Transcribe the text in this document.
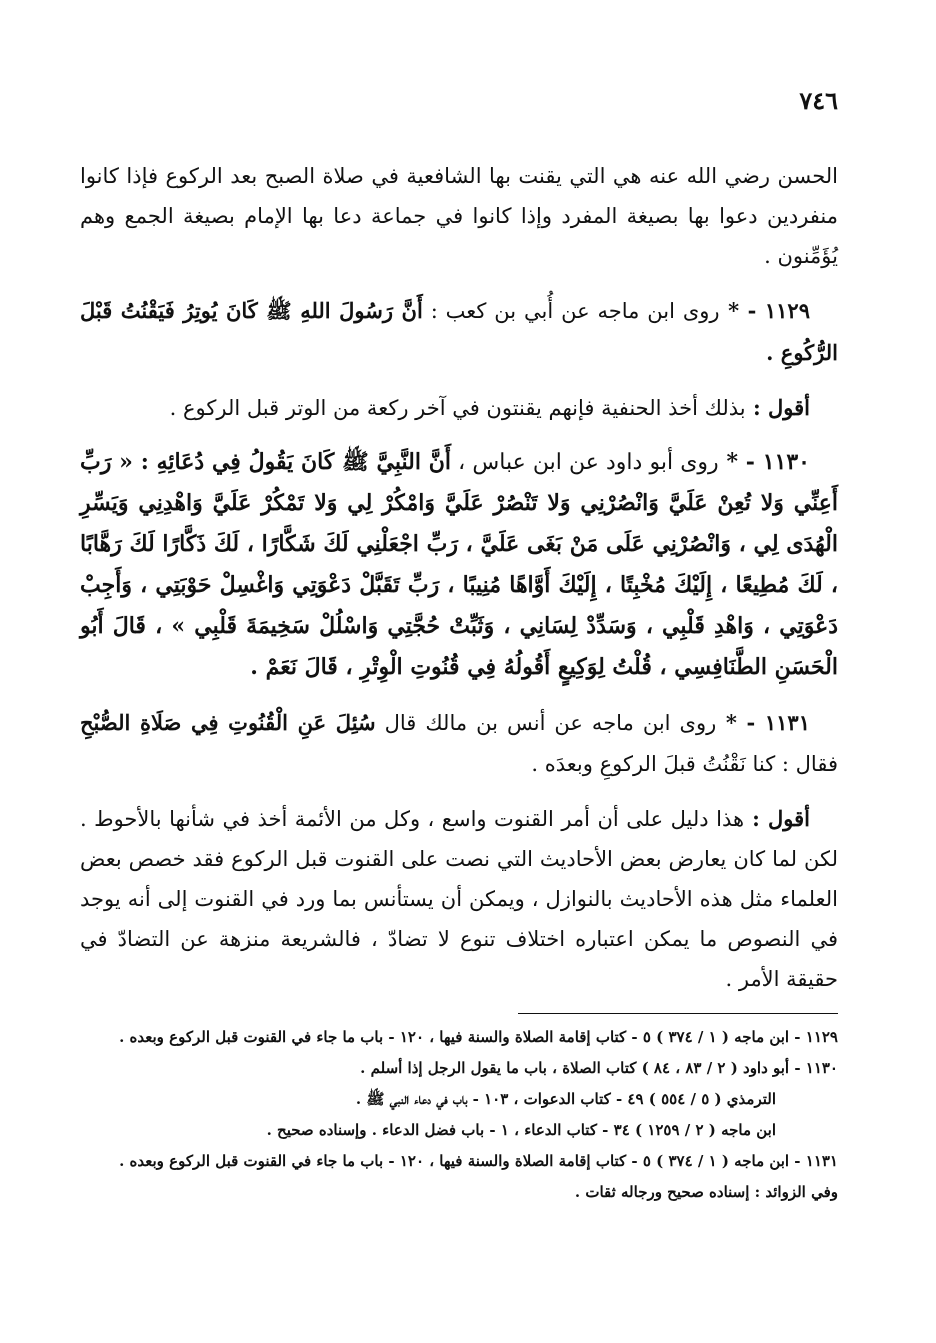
٧٤٦

الحسن رضي الله عنه هي التي يقنت بها الشافعية في صلاة الصبح بعد الركوع فإذا كانوا منفردين دعوا بها بصيغة المفرد وإذا كانوا في جماعة دعا بها الإمام بصيغة الجمع وهم يُؤَمِّنون .

١١٢٩ - * روى ابن ماجه عن أُبي بن كعب : أَنَّ رَسُولَ اللهِ ﷺ كَانَ يُوتِرُ فَيَقْنُتُ قَبْلَ الرُّكُوعِ .

أقول : بذلك أخذ الحنفية فإنهم يقنتون في آخر ركعة من الوتر قبل الركوع .

١١٣٠ - * روى أبو داود عن ابن عباس ، أَنَّ النَّبِيَّ ﷺ كَانَ يَقُولُ فِي دُعَائِهِ : « رَبِّ أَعِنِّي وَلا تُعِنْ عَلَيَّ وَانْصُرْنِي وَلا تَنْصُرْ عَلَيَّ وَامْكُرْ لِي وَلا تَمْكُرْ عَلَيَّ وَاهْدِنِي وَيَسِّرِ الْهُدَى لِي ، وَانْصُرْنِي عَلَى مَنْ بَغَى عَلَيَّ ، رَبِّ اجْعَلْنِي لَكَ شَكَّارًا ، لَكَ ذَكَّارًا لَكَ رَهَّابًا ، لَكَ مُطِيعًا ، إِلَيْكَ مُخْبِتًا ، إِلَيْكَ أَوَّاهًا مُنِيبًا ، رَبِّ تَقَبَّلْ دَعْوَتِي وَاغْسِلْ حَوْبَتِي ، وَأَجِبْ دَعْوَتِي ، وَاهْدِ قَلْبِي ، وَسَدِّدْ لِسَانِي ، وَثَبِّتْ حُجَّتِي وَاسْلُلْ سَخِيمَةَ قَلْبِي » ، قَالَ أَبُو الْحَسَنِ الطَّنَافِسِي ، قُلْتُ لِوَكِيعٍ أَقُولُهُ فِي قُنُوتِ الْوِتْرِ ، قَالَ نَعَمْ .

١١٣١ - * روى ابن ماجه عن أنس بن مالك قال سُئِلَ عَنِ الْقُنُوتِ فِي صَلَاةِ الصُّبْحِ فقال : كنا نَقْنُتُ قبلَ الركوعِ وبعدَه .

أقول : هذا دليل على أن أمر القنوت واسع ، وكل من الأئمة أخذ في شأنها بالأحوط . لكن لما كان يعارض بعض الأحاديث التي نصت على القنوت قبل الركوع فقد خصص بعض العلماء مثل هذه الأحاديث بالنوازل ، ويمكن أن يستأنس بما ورد في القنوت إلى أنه يوجد في النصوص ما يمكن اعتباره اختلاف تنوع لا تضادّ ، فالشريعة منزهة عن التضادّ في حقيقة الأمر .

١١٢٩ - ابن ماجه ( ١ / ٣٧٤ ) ٥ - كتاب إقامة الصلاة والسنة فيها ، ١٢٠ - باب ما جاء في القنوت قبل الركوع وبعده .

١١٣٠ - أبو داود ( ٢ / ٨٣ ، ٨٤ ) كتاب الصلاة ، باب ما يقول الرجل إذا أسلم .

الترمذي ( ٥ / ٥٥٤ ) ٤٩ - كتاب الدعوات ، ١٠٣ - باب في دعاء النبي ﷺ .

ابن ماجه ( ٢ / ١٢٥٩ ) ٣٤ - كتاب الدعاء ، ١ - باب فضل الدعاء . وإسناده صحيح .

١١٣١ - ابن ماجه ( ١ / ٣٧٤ ) ٥ - كتاب إقامة الصلاة والسنة فيها ، ١٢٠ - باب ما جاء في القنوت قبل الركوع وبعده .

وفي الزوائد : إسناده صحيح ورجاله ثقات .
